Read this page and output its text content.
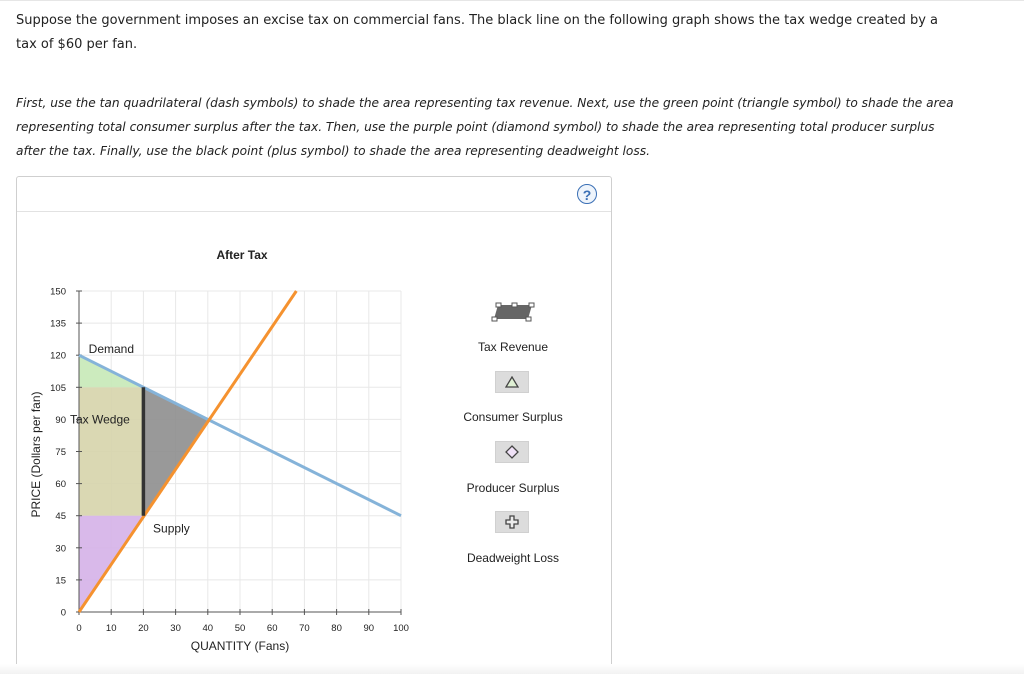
Suppose the government imposes an excise tax on commercial fans. The black line on the following graph shows the tax wedge created by a tax of $60 per fan.
First, use the tan quadrilateral (dash symbols) to shade the area representing tax revenue. Next, use the green point (triangle symbol) to shade the area representing total consumer surplus after the tax. Then, use the purple point (diamond symbol) to shade the area representing total producer surplus after the tax. Finally, use the black point (plus symbol) to shade the area representing deadweight loss.
?
0
15
30
45
60
75
90
105
120
135
150
0	10 20 30 40 50 60 70 80 90 100
Demand
Tax Wedge
Supply
After Tax
QUANTITY (Fans)
PRICE (Dollars per fan)
Tax Revenue
Consumer Surplus
Producer Surplus
Deadweight Loss
